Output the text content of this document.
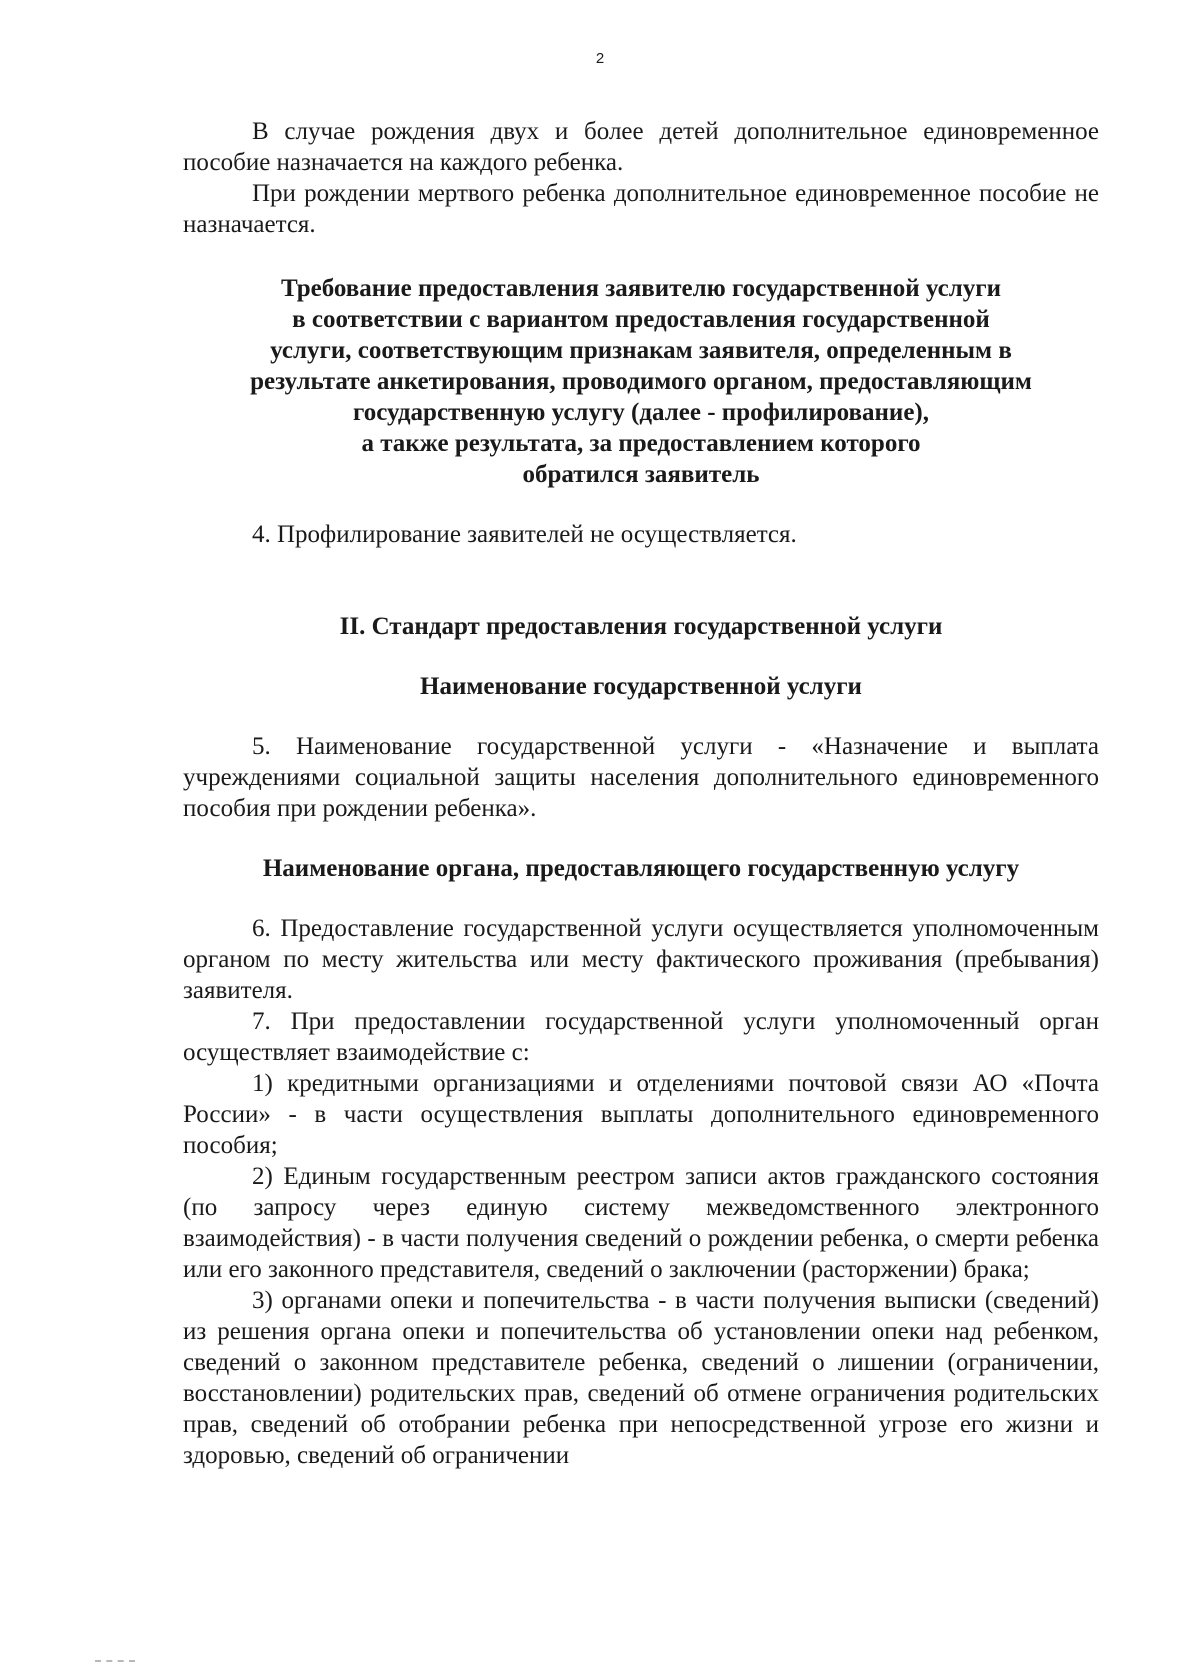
2

В случае рождения двух и более детей дополнительное единовременное пособие назначается на каждого ребенка.

При рождении мертвого ребенка дополнительное единовременное пособие не назначается.

Требование предоставления заявителю государственной услуги
в соответствии с вариантом предоставления государственной
услуги, соответствующим признакам заявителя, определенным в
результате анкетирования, проводимого органом, предоставляющим
государственную услугу (далее - профилирование),
а также результата, за предоставлением которого
обратился заявитель

4. Профилирование заявителей не осуществляется.

II. Стандарт предоставления государственной услуги
Наименование государственной услуги

5. Наименование государственной услуги - «Назначение и выплата учреждениями социальной защиты населения дополнительного единовременного пособия при рождении ребенка».

Наименование органа, предоставляющего государственную услугу

6. Предоставление государственной услуги осуществляется уполномоченным органом по месту жительства или месту фактического проживания (пребывания) заявителя.

7. При предоставлении государственной услуги уполномоченный орган осуществляет взаимодействие с:

1) кредитными организациями и отделениями почтовой связи АО «Почта России» - в части осуществления выплаты дополнительного единовременного пособия;

2) Единым государственным реестром записи актов гражданского состояния (по запросу через единую систему межведомственного электронного взаимодействия) - в части получения сведений о рождении ребенка, о смерти ребенка или его законного представителя, сведений о заключении (расторжении) брака;

3) органами опеки и попечительства - в части получения выписки (сведений) из решения органа опеки и попечительства об установлении опеки над ребенком, сведений о законном представителе ребенка, сведений о лишении (ограничении, восстановлении) родительских прав, сведений об отмене ограничения родительских прав, сведений об отобрании ребенка при непосредственной угрозе его жизни и здоровью, сведений об ограничении
